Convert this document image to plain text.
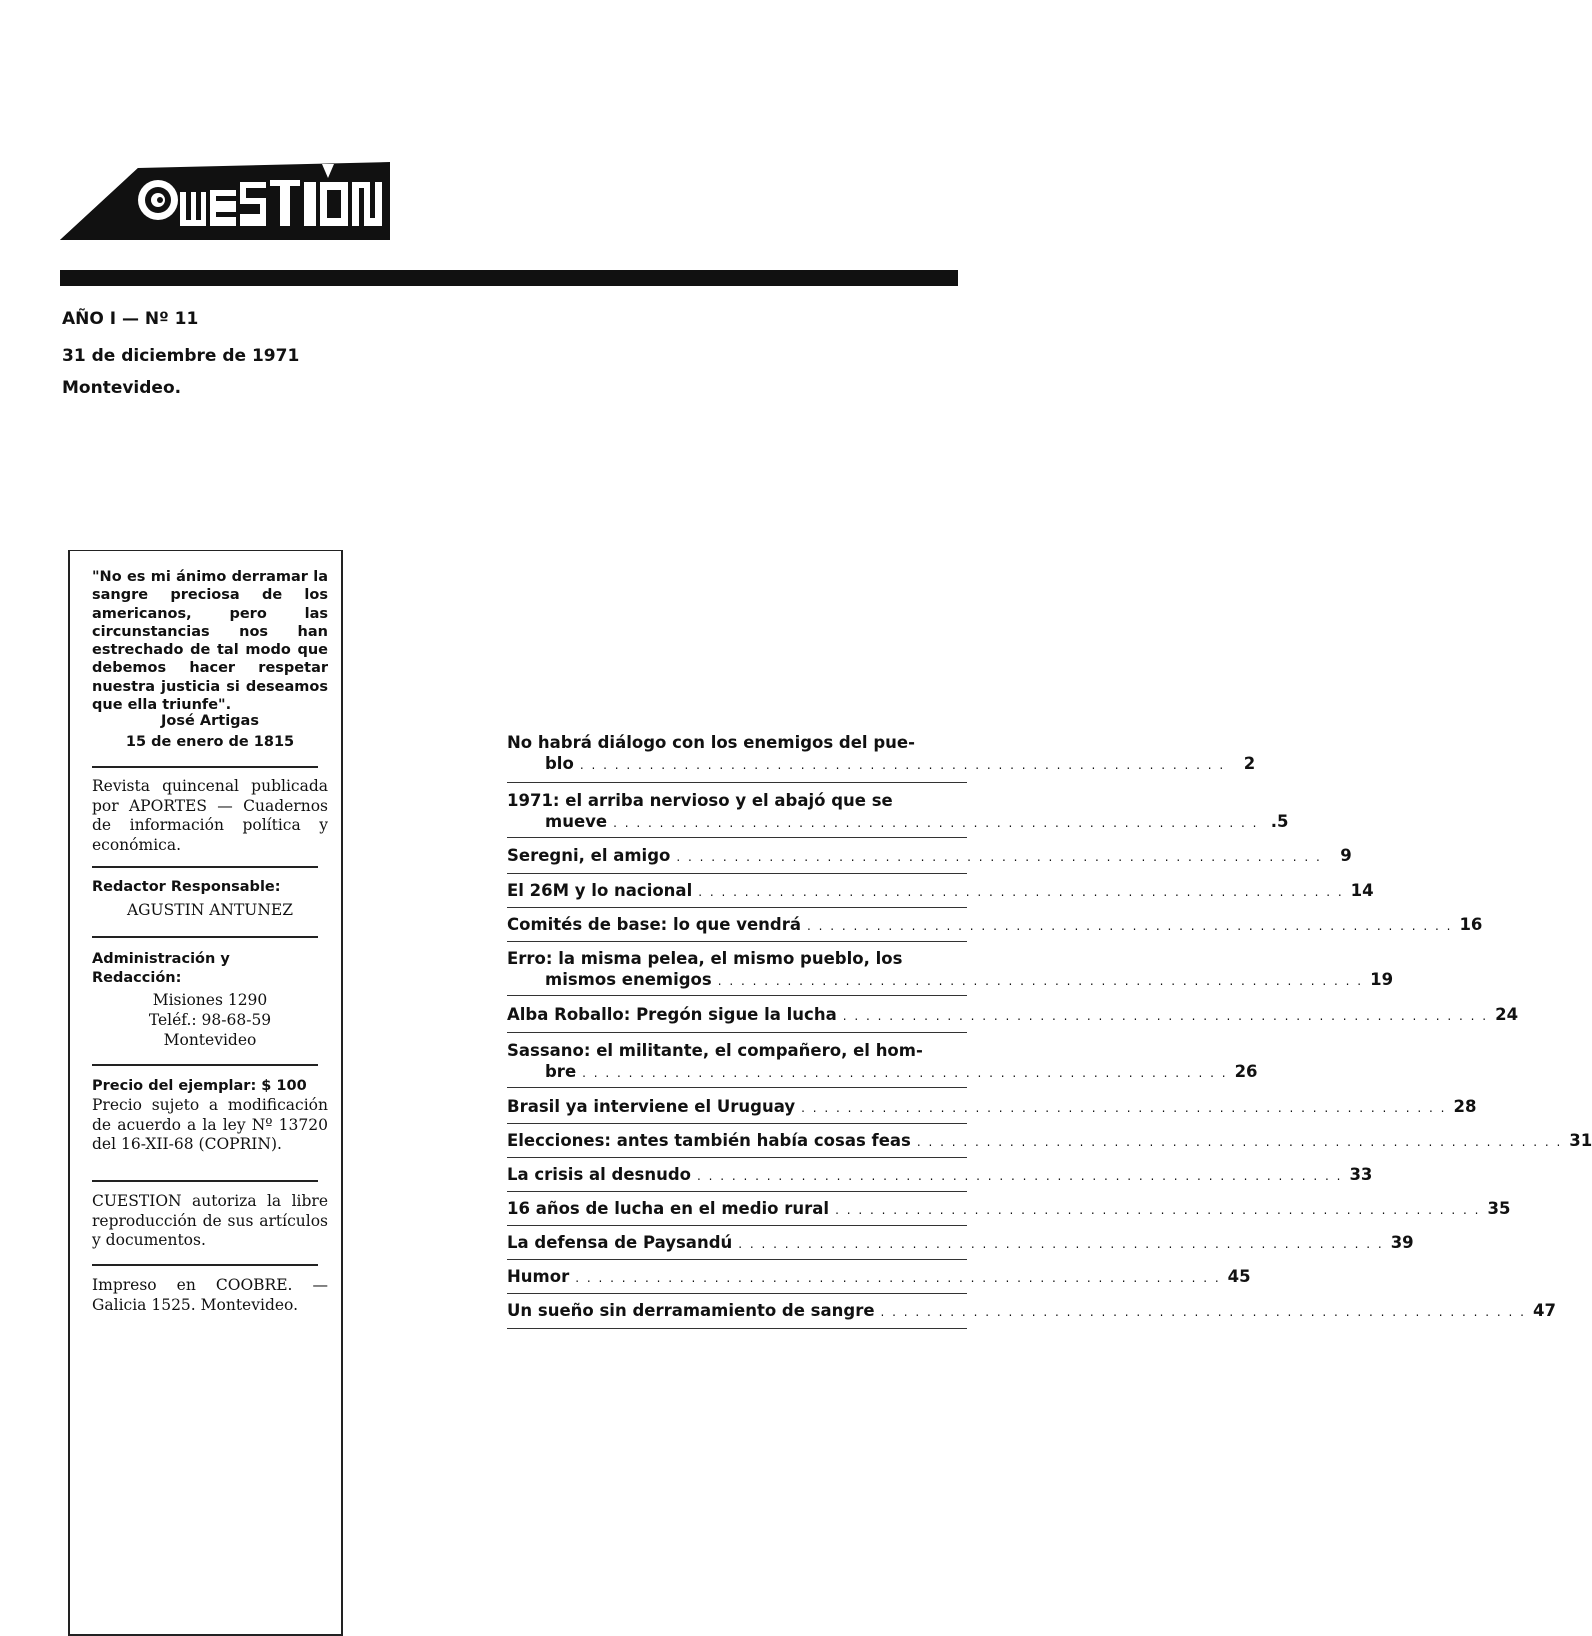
AÑO I — Nº 11
31 de diciembre de 1971
Montevideo.
"No es mi ánimo derramar la sangre preciosa de los americanos, pero las circunstancias nos han estrechado de tal modo que debemos hacer respetar nuestra justicia si deseamos que ella triunfe".
José Artigas
15 de enero de 1815
Revista quincenal publicada por APORTES — Cuadernos de información política y económica.
Redactor Responsable:
AGUSTIN ANTUNEZ
Administración y Redacción:
Misiones 1290
Teléf.: 98-68-59
Montevideo
Precio del ejemplar: $ 100
Precio sujeto a modificación de acuerdo a la ley Nº 13720 del 16-XII-68 (COPRIN).
CUESTION autoriza la libre reproducción de sus artículos y documentos.
Impreso en COOBRE. — Galicia 1525. Montevideo.
No habrá diálogo con los enemigos del pue-
blo . . . . . . . . . . . . . . . . . . . . . . . . . . . . . . . . . . . . . . . . . . . . . . . . . . . . . . . .	2
1971: el arriba nervioso y el abajó que se
mueve . . . . . . . . . . . . . . . . . . . . . . . . . . . . . . . . . . . . . . . . . . . . . . . . . . . . . . . . .5
Seregni, el amigo . . . . . . . . . . . . . . . . . . . . . . . . . . . . . . . . . . . . . . . . . . . . . . . . . . . . . . . .	9
El 26M y lo nacional . . . . . . . . . . . . . . . . . . . . . . . . . . . . . . . . . . . . . . . . . . . . . . . . . . . . . . . . 14
Comités de base: lo que vendrá . . . . . . . . . . . . . . . . . . . . . . . . . . . . . . . . . . . . . . . . . . . . . . . . . . . . . . . . 16
Erro: la misma pelea, el mismo pueblo, los
mismos enemigos . . . . . . . . . . . . . . . . . . . . . . . . . . . . . . . . . . . . . . . . . . . . . . . . . . . . . . . . 19
Alba Roballo: Pregón sigue la lucha . . . . . . . . . . . . . . . . . . . . . . . . . . . . . . . . . . . . . . . . . . . . . . . . . . . . . . . . 24
Sassano: el militante, el compañero, el hom-
bre . . . . . . . . . . . . . . . . . . . . . . . . . . . . . . . . . . . . . . . . . . . . . . . . . . . . . . . . 26
Brasil ya interviene el Uruguay . . . . . . . . . . . . . . . . . . . . . . . . . . . . . . . . . . . . . . . . . . . . . . . . . . . . . . . . 28
Elecciones: antes también había cosas feas . . . . . . . . . . . . . . . . . . . . . . . . . . . . . . . . . . . . . . . . . . . . . . . . . . . . . . . . 31
La crisis al desnudo . . . . . . . . . . . . . . . . . . . . . . . . . . . . . . . . . . . . . . . . . . . . . . . . . . . . . . . . 33
16 años de lucha en el medio rural . . . . . . . . . . . . . . . . . . . . . . . . . . . . . . . . . . . . . . . . . . . . . . . . . . . . . . . . 35
La defensa de Paysandú . . . . . . . . . . . . . . . . . . . . . . . . . . . . . . . . . . . . . . . . . . . . . . . . . . . . . . . . 39
Humor . . . . . . . . . . . . . . . . . . . . . . . . . . . . . . . . . . . . . . . . . . . . . . . . . . . . . . . . 45
Un sueño sin derramamiento de sangre . . . . . . . . . . . . . . . . . . . . . . . . . . . . . . . . . . . . . . . . . . . . . . . . . . . . . . . . 47
